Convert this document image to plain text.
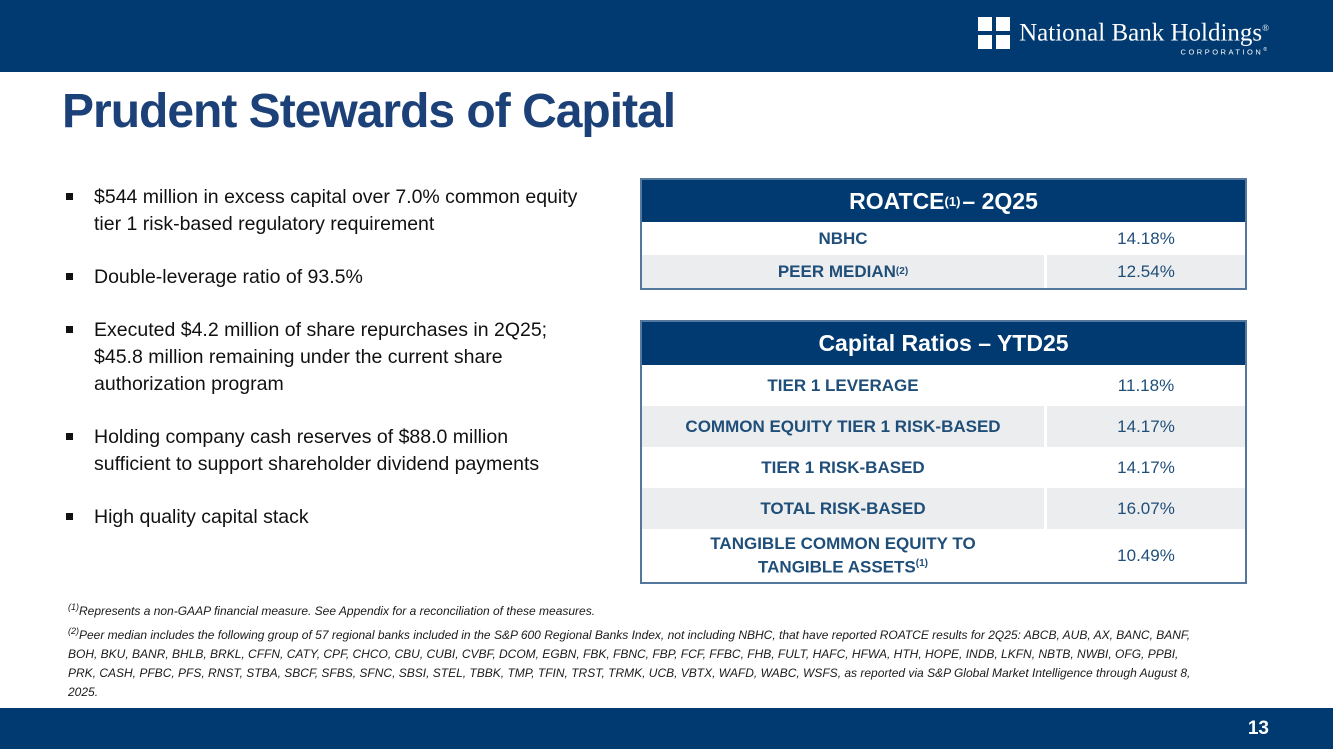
National Bank Holdings®
CORPORATION®
Prudent Stewards of Capital
$544 million in excess capital over 7.0% common equity tier 1 risk-based regulatory requirement
Double-leverage ratio of 93.5%
Executed $4.2 million of share repurchases in 2Q25; $45.8 million remaining under the current share authorization program
Holding company cash reserves of $88.0 million sufficient to support shareholder dividend payments
High quality capital stack
ROATCE (1) – 2Q25
NBHC	14.18%
PEER MEDIAN (2)	12.54%
Capital Ratios – YTD25
TIER 1 LEVERAGE	11.18%
COMMON EQUITY TIER 1 RISK-BASED	14.17%
TIER 1 RISK-BASED	14.17%
TOTAL RISK-BASED	16.07%
TANGIBLE COMMON EQUITY TO TANGIBLE ASSETS$^{(1)}$	10.49%

$^{(1)}$Represents a non-GAAP financial measure. See Appendix for a reconciliation of these measures.

$^{(2)}$Peer median includes the following group of 57 regional banks included in the S&P 600 Regional Banks Index, not including NBHC, that have reported ROATCE results for 2Q25: ABCB, AUB, AX, BANC, BANF, BOH, BKU, BANR, BHLB, BRKL, CFFN, CATY, CPF, CHCO, CBU, CUBI, CVBF, DCOM, EGBN, FBK, FBNC, FBP, FCF, FFBC, FHB, FULT, HAFC, HFWA, HTH, HOPE, INDB, LKFN, NBTB, NWBI, OFG, PPBI, PRK, CASH, PFBC, PFS, RNST, STBA, SBCF, SFBS, SFNC, SBSI, STEL, TBBK, TMP, TFIN, TRST, TRMK, UCB, VBTX, WAFD, WABC, WSFS, as reported via S&P Global Market Intelligence through August 8, 2025.

13
